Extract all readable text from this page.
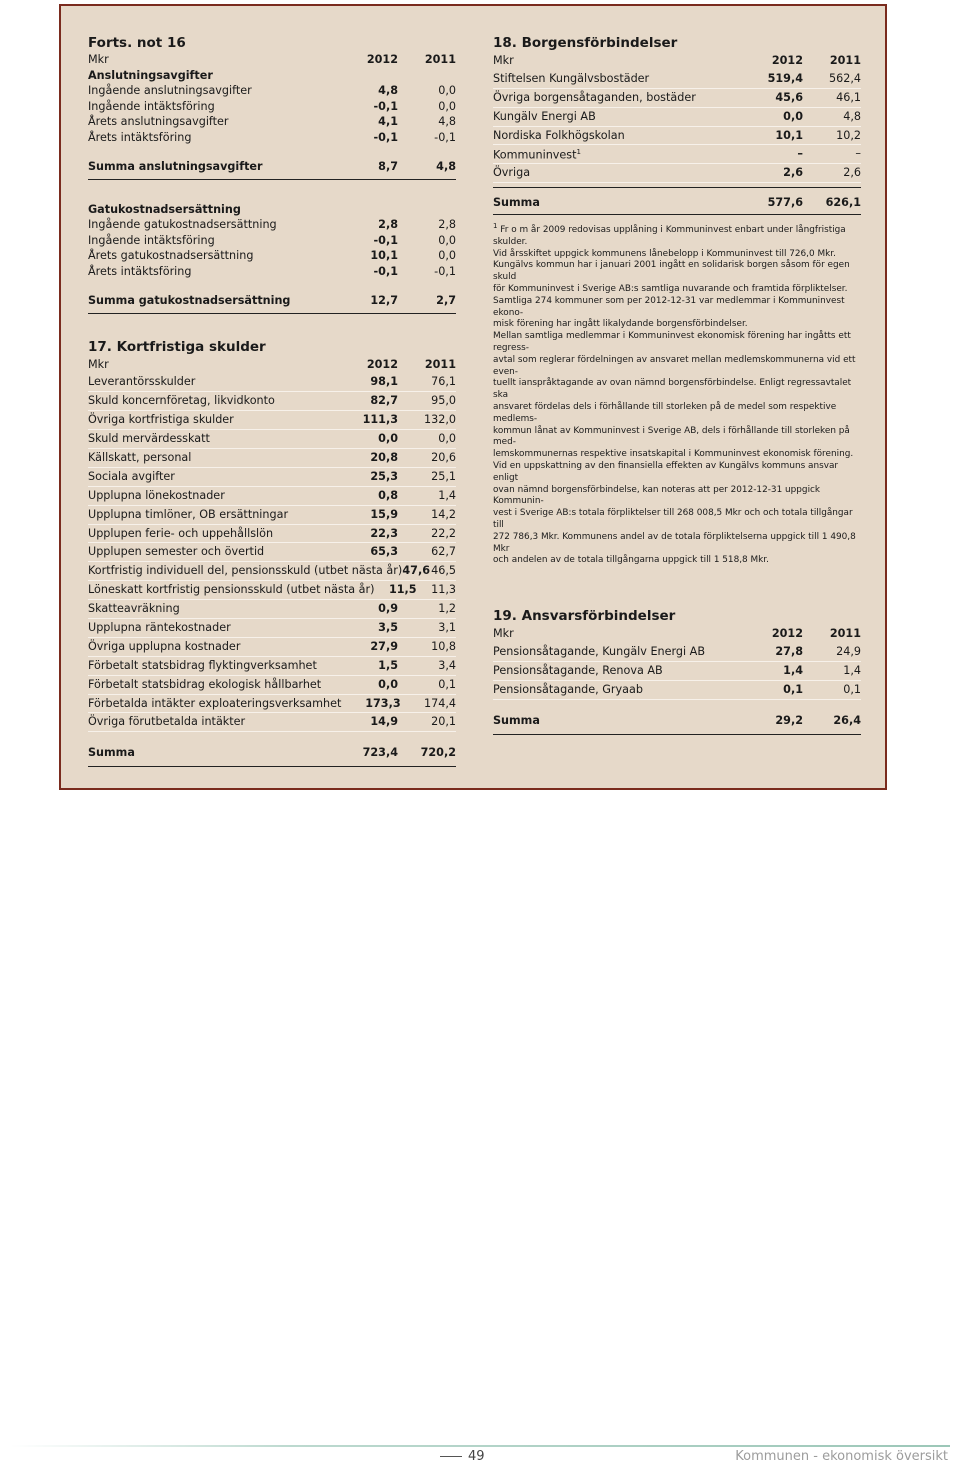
Forts. not 16
Mkr	2012	2011
Anslutningsavgifter
Ingående anslutningsavgifter	4,8	0,0
Ingående intäktsföring	-0,1	0,0
Årets anslutningsavgifter	4,1	4,8
Årets intäktsföring	-0,1	-0,1
Summa anslutningsavgifter	8,7	4,8
Gatukostnadsersättning
Ingående gatukostnadsersättning	2,8	2,8
Ingående intäktsföring	-0,1	0,0
Årets gatukostnadsersättning	10,1	0,0
Årets intäktsföring	-0,1	-0,1
Summa gatukostnadsersättning	12,7	2,7
17. Kortfristiga skulder
Mkr	2012	2011
Leverantörsskulder	98,1	76,1
Skuld koncernföretag, likvidkonto	82,7	95,0
Övriga kortfristiga skulder	111,3	132,0
Skuld mervärdesskatt	0,0	0,0
Källskatt, personal	20,8	20,6
Sociala avgifter	25,3	25,1
Upplupna lönekostnader	0,8	1,4
Upplupna timlöner, OB ersättningar	15,9	14,2
Upplupen ferie- och uppehållslön	22,3	22,2
Upplupen semester och övertid	65,3	62,7
Kortfristig individuell del, pensionsskuld (utbet nästa år) 47,6 46,5
Löneskatt kortfristig pensionsskuld (utbet nästa år)	11,5	11,3
Skatteavräkning	0,9	1,2
Upplupna räntekostnader	3,5	3,1
Övriga upplupna kostnader	27,9	10,8
Förbetalt statsbidrag flyktingverksamhet	1,5	3,4
Förbetalt statsbidrag ekologisk hållbarhet	0,0	0,1
Förbetalda intäkter exploateringsverksamhet	173,3	174,4
Övriga förutbetalda intäkter	14,9	20,1
Summa	723,4	720,2
18. Borgensförbindelser
Mkr	2012	2011
Stiftelsen Kungälvsbostäder	519,4	562,4
Övriga borgensåtaganden, bostäder	45,6	46,1
Kungälv Energi AB	0,0	4,8
Nordiska Folkhögskolan	10,1	10,2
Kommuninvest$^1$	–	–
Övriga	2,6	2,6
Summa	577,6	626,1
$^1$ Fr o m år 2009 redovisas upplåning i Kommuninvest enbart under långfristiga skulder.
Vid årsskiftet uppgick kommunens lånebelopp i Kommuninvest till 726,0 Mkr.
Kungälvs kommun har i januari 2001 ingått en solidarisk borgen såsom för egen skuld
för Kommuninvest i Sverige AB:s samtliga nuvarande och framtida förpliktelser.
Samtliga 274 kommuner som per 2012-12-31 var medlemmar i Kommuninvest ekono-
misk förening har ingått likalydande borgensförbindelser.
Mellan samtliga medlemmar i Kommuninvest ekonomisk förening har ingåtts ett regress-
avtal som reglerar fördelningen av ansvaret mellan medlemskommunerna vid ett even-
tuellt ianspråktagande av ovan nämnd borgensförbindelse. Enligt regressavtalet ska
ansvaret fördelas dels i förhållande till storleken på de medel som respektive medlems-
kommun lånat av Kommuninvest i Sverige AB, dels i förhållande till storleken på med-
lemskommunernas respektive insatskapital i Kommuninvest ekonomisk förening.
Vid en uppskattning av den finansiella effekten av Kungälvs kommuns ansvar enligt
ovan nämnd borgensförbindelse, kan noteras att per 2012-12-31 uppgick Kommunin-
vest i Sverige AB:s totala förpliktelser till 268 008,5 Mkr och och totala tillgångar till
272 786,3 Mkr. Kommunens andel av de totala förpliktelserna uppgick till 1 490,8 Mkr
och andelen av de totala tillgångarna uppgick till 1 518,8 Mkr.
19. Ansvarsförbindelser
Mkr	2012	2011
Pensionsåtagande, Kungälv Energi AB	27,8	24,9
Pensionsåtagande, Renova AB	1,4	1,4
Pensionsåtagande, Gryaab	0,1	0,1
Summa	29,2	26,4
49	Kommunen - ekonomisk översikt
